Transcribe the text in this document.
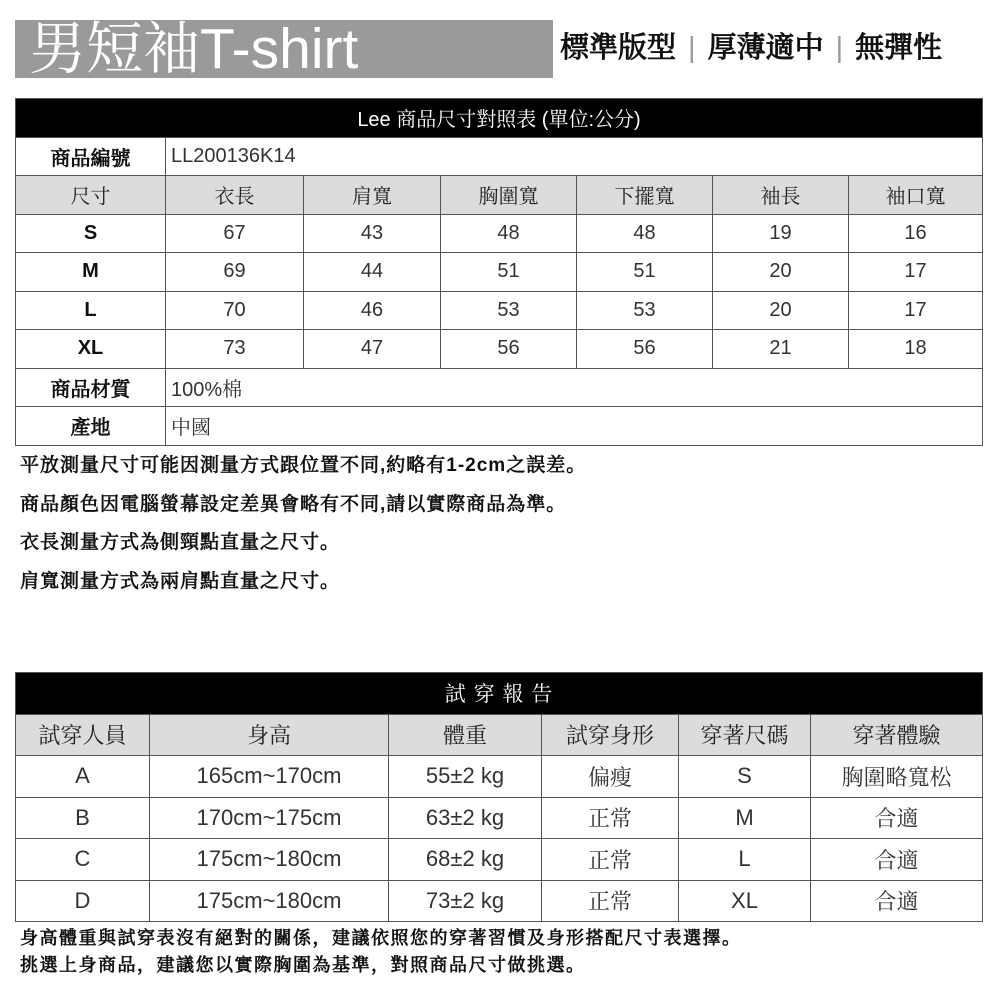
男短袖T-shirt	標準版型 | 厚薄適中 | 無彈性
Lee 商品尺寸對照表 (單位:公分)
商品編號	LL200136K14
尺寸	衣長	肩寬	胸圍寬	下擺寬	袖長	袖口寬
S	67	43	48	48	19	16
M	69	44	51	51	20	17
L	70	46	53	53	20	17
XL	73	47	56	56	21	18
商品材質	100%棉
產地	中國
平放測量尺寸可能因測量方式跟位置不同,約略有1-2cm之誤差。
商品顏色因電腦螢幕設定差異會略有不同,請以實際商品為準。
衣長測量方式為側頸點直量之尺寸。
肩寬測量方式為兩肩點直量之尺寸。
試 穿 報 告
試穿人員	身高	體重	試穿身形	穿著尺碼	穿著體驗
A	165cm~170cm	55±2 kg	偏瘦	S	胸圍略寬松
B	170cm~175cm	63±2 kg	正常	M	合適
C	175cm~180cm	68±2 kg	正常	L	合適
D	175cm~180cm	73±2 kg	正常	XL	合適
身高體重與試穿表沒有絕對的關係，建議依照您的穿著習慣及身形搭配尺寸表選擇。
挑選上身商品，建議您以實際胸圍為基準，對照商品尺寸做挑選。
